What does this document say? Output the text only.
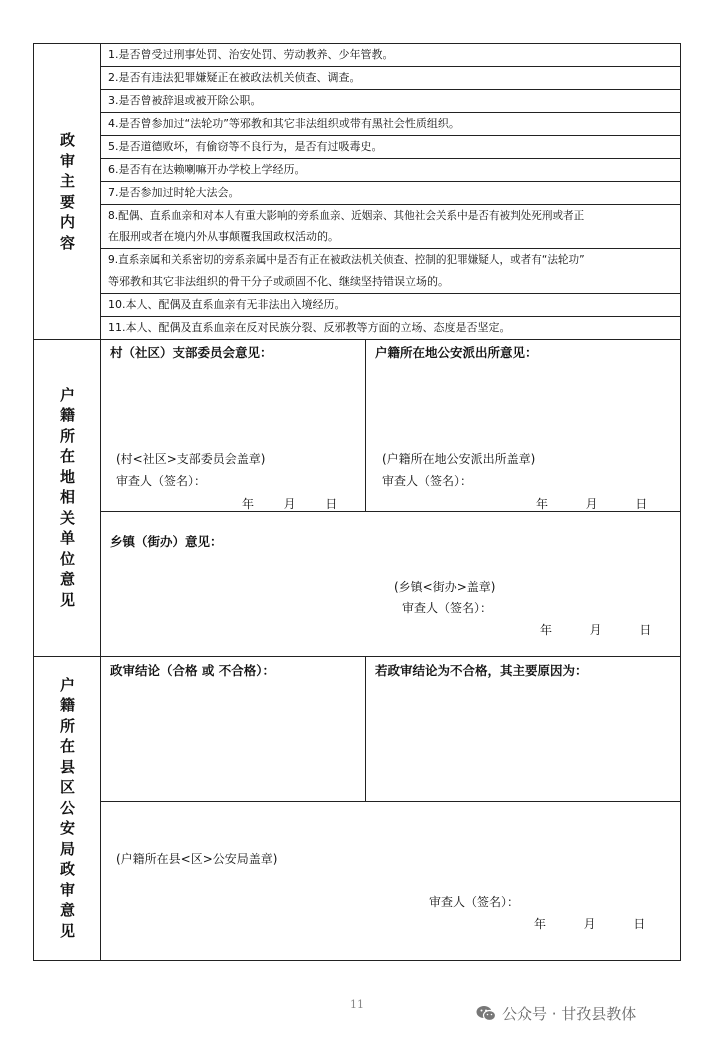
政
审
主
要
内
容
1.是否曾受过刑事处罚、治安处罚、劳动教养、少年管教。
2.是否有违法犯罪嫌疑正在被政法机关侦查、调查。
3.是否曾被辞退或被开除公职。
4.是否曾参加过“法轮功”等邪教和其它非法组织或带有黑社会性质组织。
5.是否道德败坏，有偷窃等不良行为，是否有过吸毒史。
6.是否有在达赖喇嘛开办学校上学经历。
7.是否参加过时轮大法会。
8.配偶、直系血亲和对本人有重大影响的旁系血亲、近姻亲、其他社会关系中是否有被判处死刑或者正
在服刑或者在境内外从事颠覆我国政权活动的。
9.直系亲属和关系密切的旁系亲属中是否有正在被政法机关侦查、控制的犯罪嫌疑人，或者有“法轮功”
等邪教和其它非法组织的骨干分子或顽固不化、继续坚持错误立场的。
10.本人、配偶及直系血亲有无非法出入境经历。
11.本人、配偶及直系血亲在反对民族分裂、反邪教等方面的立场、态度是否坚定。
户
籍
所
在
地
相
关
单
位
意
见
村（社区）支部委员会意见：
(村<社区>支部委员会盖章)
审查人（签名）：
年 月 日
户籍所在地公安派出所意见：
(户籍所在地公安派出所盖章)
审查人（签名）：
年	月	日
乡镇（街办）意见：
(乡镇<街办>盖章)
审查人（签名）：
年	月	日
户
籍
所
在
县
区
公
安
局
政
审
意
见
政审结论（合格 或 不合格）：	若政审结论为不合格，其主要原因为：
(户籍所在县<区>公安局盖章)
审查人（签名）：
年	月	日
11
公众号 · 甘孜县教体
